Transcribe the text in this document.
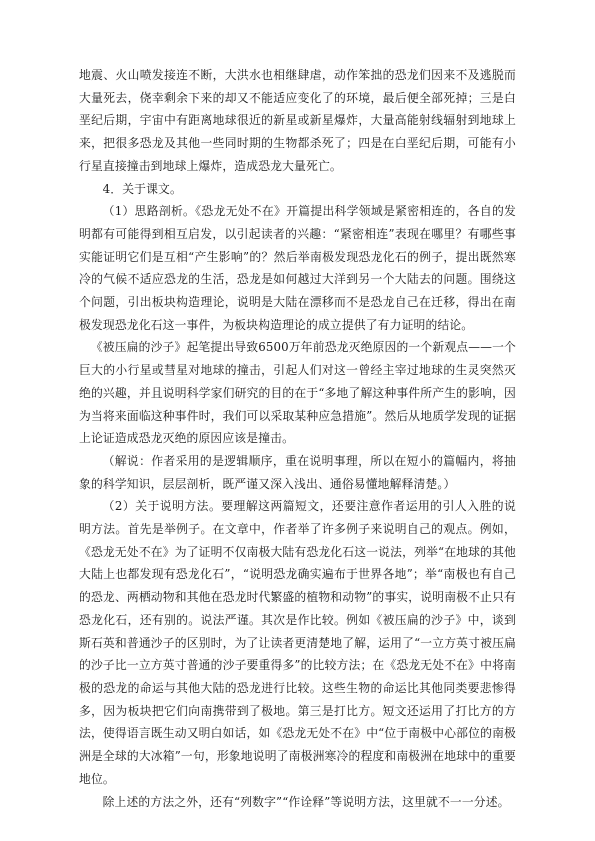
地震、火山喷发接连不断，大洪水也相继肆虐，动作笨拙的恐龙们因来不及逃脱而大量死去，侥幸剩余下来的却又不能适应变化了的环境，最后便全部死掉；三是白垩纪后期，宇宙中有距离地球很近的新星或新星爆炸，大量高能射线辐射到地球上来，把很多恐龙及其他一些同时期的生物都杀死了；四是在白垩纪后期，可能有小行星直接撞击到地球上爆炸，造成恐龙大量死亡。

4．关于课文。

（1）思路剖析。《恐龙无处不在》开篇提出科学领域是紧密相连的，各自的发明都有可能得到相互启发，以引起读者的兴趣：“紧密相连”表现在哪里？有哪些事实能证明它们是互相“产生影响”的？然后举南极发现恐龙化石的例子，提出既然寒冷的气候不适应恐龙的生活，恐龙是如何越过大洋到另一个大陆去的问题。围绕这个问题，引出板块构造理论，说明是大陆在漂移而不是恐龙自己在迁移，得出在南极发现恐龙化石这一事件，为板块构造理论的成立提供了有力证明的结论。

《被压扁的沙子》起笔提出导致6500万年前恐龙灭绝原因的一个新观点——一个巨大的小行星或彗星对地球的撞击，引起人们对这一曾经主宰过地球的生灵突然灭绝的兴趣，并且说明科学家们研究的目的在于“多地了解这种事件所产生的影响，因为当将来面临这种事件时，我们可以采取某种应急措施”。然后从地质学发现的证据上论证造成恐龙灭绝的原因应该是撞击。

（解说：作者采用的是逻辑顺序，重在说明事理，所以在短小的篇幅内，将抽象的科学知识，层层剖析，既严谨又深入浅出、通俗易懂地解释清楚。）

（2）关于说明方法。要理解这两篇短文，还要注意作者运用的引人入胜的说明方法。首先是举例子。在文章中，作者举了许多例子来说明自己的观点。例如，《恐龙无处不在》为了证明不仅南极大陆有恐龙化石这一说法，列举“在地球的其他大陆上也都发现有恐龙化石”，“说明恐龙确实遍布于世界各地”；举“南极也有自己的恐龙、两栖动物和其他在恐龙时代繁盛的植物和动物”的事实，说明南极不止只有恐龙化石，还有别的。说法严谨。其次是作比较。例如《被压扁的沙子》中，谈到斯石英和普通沙子的区别时，为了让读者更清楚地了解，运用了“一立方英寸被压扁的沙子比一立方英寸普通的沙子要重得多”的比较方法；在《恐龙无处不在》中将南极的恐龙的命运与其他大陆的恐龙进行比较。这些生物的命运比其他同类要悲惨得多，因为板块把它们向南携带到了极地。第三是打比方。短文还运用了打比方的方法，使得语言既生动又明白如话，如《恐龙无处不在》中“位于南极中心部位的南极洲是全球的大冰箱”一句，形象地说明了南极洲寒冷的程度和南极洲在地球中的重要地位。

除上述的方法之外，还有“列数字”“作诠释”等说明方法，这里就不一一分述。
